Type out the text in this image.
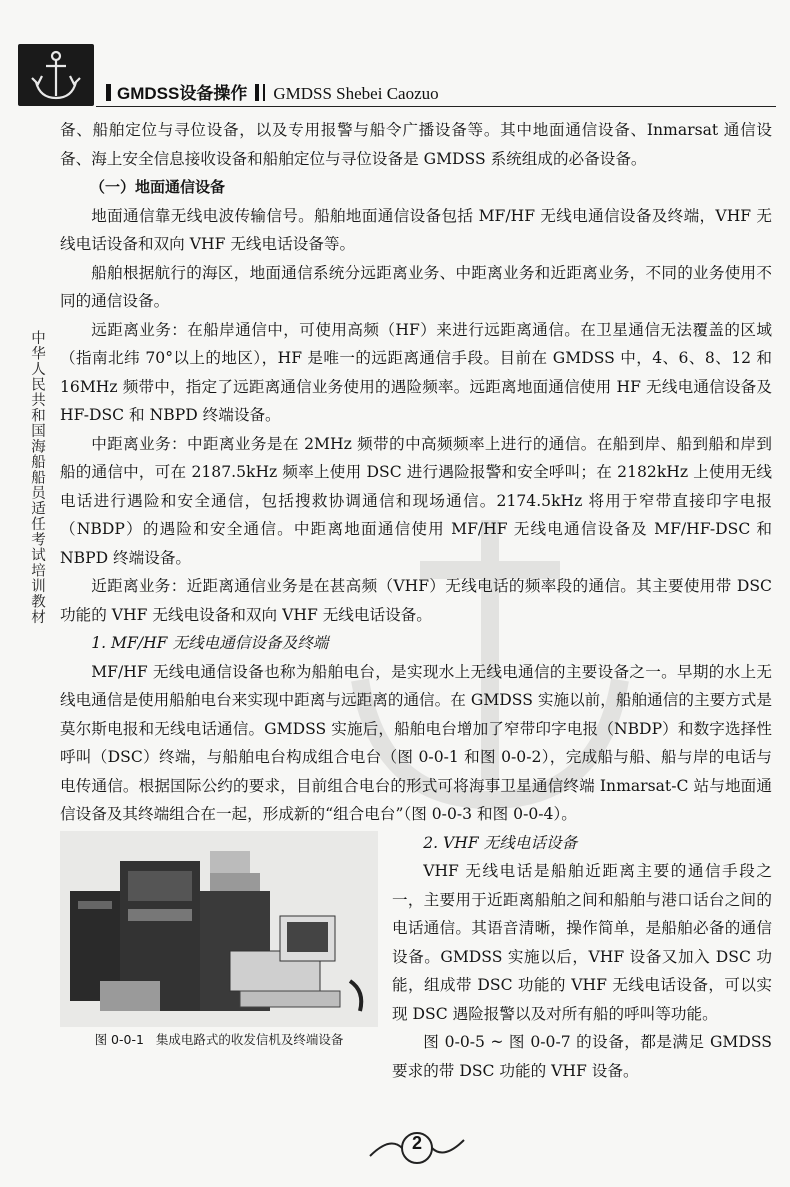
GMDSS设备操作 GMDSS Shebei Caozuo
中华人民共和国海船船员适任考试培训教材

备、船舶定位与寻位设备，以及专用报警与船令广播设备等。其中地面通信设备、Inmarsat 通信设备、海上安全信息接收设备和船舶定位与寻位设备是 GMDSS 系统组成的必备设备。

（一）地面通信设备

地面通信靠无线电波传输信号。船舶地面通信设备包括 MF/HF 无线电通信设备及终端，VHF 无线电话设备和双向 VHF 无线电话设备等。

船舶根据航行的海区，地面通信系统分远距离业务、中距离业务和近距离业务，不同的业务使用不同的通信设备。

远距离业务：在船岸通信中，可使用高频（HF）来进行远距离通信。在卫星通信无法覆盖的区域（指南北纬 70°以上的地区），HF 是唯一的远距离通信手段。目前在 GMDSS 中，4、6、8、12 和 16MHz 频带中，指定了远距离通信业务使用的遇险频率。远距离地面通信使用 HF 无线电通信设备及 HF-DSC 和 NBPD 终端设备。

中距离业务：中距离业务是在 2MHz 频带的中高频频率上进行的通信。在船到岸、船到船和岸到船的通信中，可在 2187.5kHz 频率上使用 DSC 进行遇险报警和安全呼叫；在 2182kHz 上使用无线电话进行遇险和安全通信，包括搜救协调通信和现场通信。2174.5kHz 将用于窄带直接印字电报（NBDP）的遇险和安全通信。中距离地面通信使用 MF/HF 无线电通信设备及 MF/HF-DSC 和 NBPD 终端设备。

近距离业务：近距离通信业务是在甚高频（VHF）无线电话的频率段的通信。其主要使用带 DSC 功能的 VHF 无线电设备和双向 VHF 无线电话设备。

1. MF/HF 无线电通信设备及终端

MF/HF 无线电通信设备也称为船舶电台，是实现水上无线电通信的主要设备之一。早期的水上无线电通信是使用船舶电台来实现中距离与远距离的通信。在 GMDSS 实施以前，船舶通信的主要方式是莫尔斯电报和无线电话通信。GMDSS 实施后，船舶电台增加了窄带印字电报（NBDP）和数字选择性呼叫（DSC）终端，与船舶电台构成组合电台（图 0-0-1 和图 0-0-2），完成船与船、船与岸的电话与电传通信。根据国际公约的要求，目前组合电台的形式可将海事卫星通信终端 Inmarsat-C 站与地面通信设备及其终端组合在一起，形成新的“组合电台”（图 0-0-3 和图 0-0-4）。

图 0-0-1 集成电路式的收发信机及终端设备

2. VHF 无线电话设备

VHF 无线电话是船舶近距离主要的通信手段之一，主要用于近距离船舶之间和船舶与港口话台之间的电话通信。其语音清晰，操作简单，是船舶必备的通信设备。GMDSS 实施以后，VHF 设备又加入 DSC 功能，组成带 DSC 功能的 VHF 无线电话设备，可以实现 DSC 遇险报警以及对所有船的呼叫等功能。

图 0-0-5 ~ 图 0-0-7 的设备，都是满足 GMDSS 要求的带 DSC 功能的 VHF 设备。

2
